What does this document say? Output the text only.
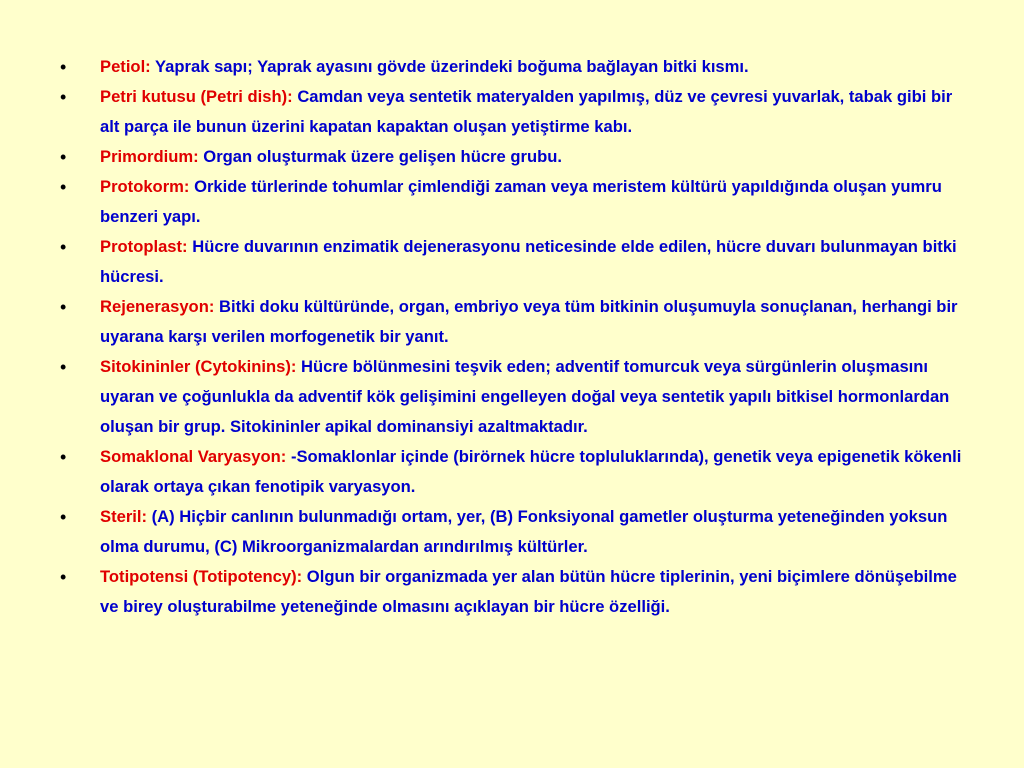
• Petiol: Yaprak sapı; Yaprak ayasını gövde üzerindeki boğuma bağlayan bitki kısmı.
• Petri kutusu (Petri dish): Camdan veya sentetik materyalden yapılmış, düz ve çevresi yuvarlak, tabak gibi bir alt parça ile bunun üzerini kapatan kapaktan oluşan yetiştirme kabı.
• Primordium: Organ oluşturmak üzere gelişen hücre grubu.
• Protokorm: Orkide türlerinde tohumlar çimlendiği zaman veya meristem kültürü yapıldığında oluşan yumru benzeri yapı.
• Protoplast: Hücre duvarının enzimatik dejenerasyonu neticesinde elde edilen, hücre duvarı bulunmayan bitki hücresi.
• Rejenerasyon: Bitki doku kültüründe, organ, embriyo veya tüm bitkinin oluşumuyla sonuçlanan, herhangi bir uyarana karşı verilen morfogenetik bir yanıt.
• Sitokininler (Cytokinins): Hücre bölünmesini teşvik eden; adventif tomurcuk veya sürgünlerin oluşmasını uyaran ve çoğunlukla da adventif kök gelişimini engelleyen doğal veya sentetik yapılı bitkisel hormonlardan oluşan bir grup. Sitokininler apikal dominansiyi azaltmaktadır.
• Somaklonal Varyasyon: -Somaklonlar içinde (birörnek hücre topluluklarında), genetik veya epigenetik kökenli olarak ortaya çıkan fenotipik varyasyon.
• Steril: (A) Hiçbir canlının bulunmadığı ortam, yer, (B) Fonksiyonal gametler oluşturma yeteneğinden yoksun olma durumu, (C) Mikroorganizmalardan arındırılmış kültürler.
• Totipotensi (Totipotency): Olgun bir organizmada yer alan bütün hücre tiplerinin, yeni biçimlere dönüşebilme ve birey oluşturabilme yeteneğinde olmasını açıklayan bir hücre özelliği.
